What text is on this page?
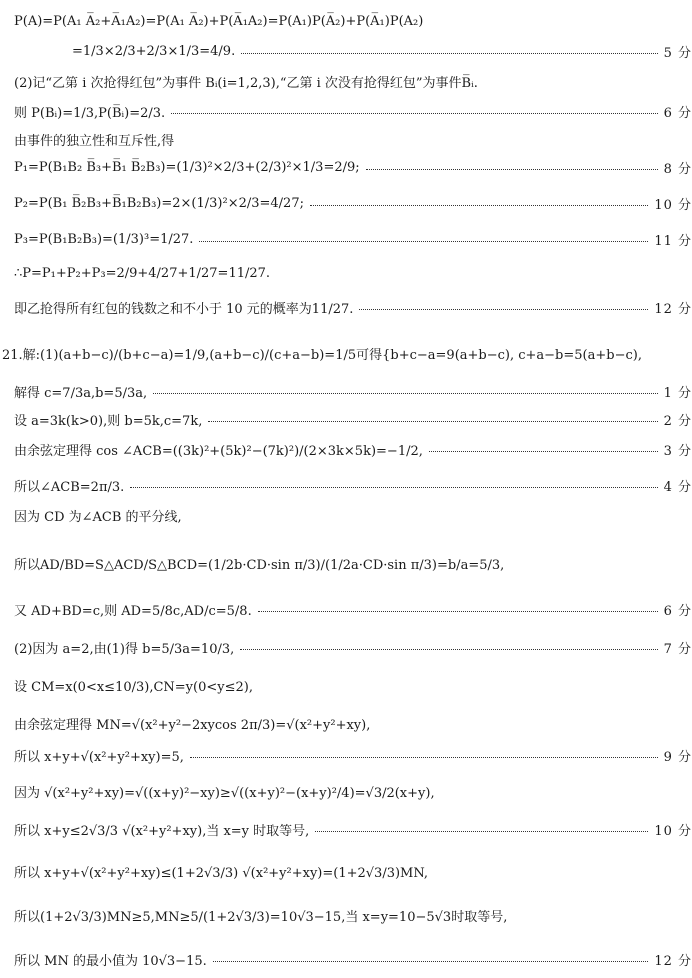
P(A)=P(A₁ A̅₂+A̅₁A₂)=P(A₁ A̅₂)+P(A̅₁A₂)=P(A₁)P(A̅₂)+P(A̅₁)P(A₂)
=1/3×2/3+2/3×1/3=4/9.	5 分
(2)记“乙第 i 次抢得红包”为事件 Bᵢ(i=1,2,3),“乙第 i 次没有抢得红包”为事件B̅ᵢ.
则 P(Bᵢ)=1/3,P(B̅ᵢ)=2/3.	6 分
由事件的独立性和互斥性,得
P₁=P(B₁B₂ B̅₃+B̅₁ B̅₂B₃)=(1/3)²×2/3+(2/3)²×1/3=2/9;	8 分
P₂=P(B₁ B̅₂B₃+B̅₁B₂B₃)=2×(1/3)²×2/3=4/27;	10 分
P₃=P(B₁B₂B₃)=(1/3)³=1/27.	11 分
∴P=P₁+P₂+P₃=2/9+4/27+1/27=11/27.
即乙抢得所有红包的钱数之和不小于 10 元的概率为11/27.	12 分
21.解:(1)(a+b−c)/(b+c−a)=1/9,(a+b−c)/(c+a−b)=1/5可得{b+c−a=9(a+b−c), c+a−b=5(a+b−c),
解得 c=7/3a,b=5/3a,	1 分
设 a=3k(k>0),则 b=5k,c=7k,	2 分
由余弦定理得 cos ∠ACB=((3k)²+(5k)²−(7k)²)/(2×3k×5k)=−1/2,	3 分
所以∠ACB=2π/3.	4 分
因为 CD 为∠ACB 的平分线,
所以AD/BD=S△ACD/S△BCD=(1/2b·CD·sin π/3)/(1/2a·CD·sin π/3)=b/a=5/3,
又 AD+BD=c,则 AD=5/8c,AD/c=5/8.	6 分
(2)因为 a=2,由(1)得 b=5/3a=10/3,	7 分
设 CM=x(0<x≤10/3),CN=y(0<y≤2),
由余弦定理得 MN=√(x²+y²−2xycos 2π/3)=√(x²+y²+xy),
所以 x+y+√(x²+y²+xy)=5,	9 分
因为 √(x²+y²+xy)=√((x+y)²−xy)≥√((x+y)²−(x+y)²/4)=√3/2(x+y),
所以 x+y≤2√3/3 √(x²+y²+xy),当 x=y 时取等号,	10 分
所以 x+y+√(x²+y²+xy)≤(1+2√3/3) √(x²+y²+xy)=(1+2√3/3)MN,
所以(1+2√3/3)MN≥5,MN≥5/(1+2√3/3)=10√3−15,当 x=y=10−5√3时取等号,
所以 MN 的最小值为 10√3−15.	12 分
